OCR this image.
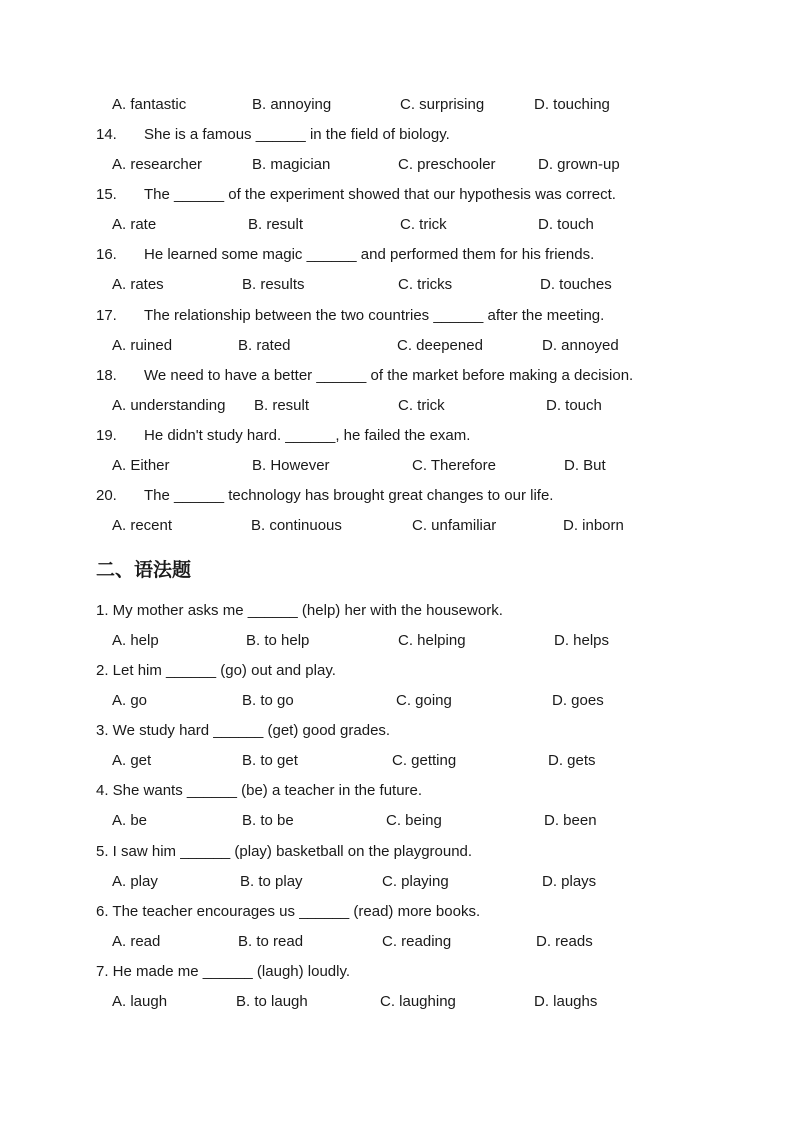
A. fantastic	B. annoying	C. surprising	D. touching
14.	She is a famous ______ in the field of biology.
A. researcher	B. magician	C. preschooler	D. grown-up
15.	The ______ of the experiment showed that our hypothesis was correct.
A. rate	B. result	C. trick	D. touch
16.	He learned some magic ______ and performed them for his friends.
A. rates	B. results	C. tricks	D. touches
17.	The relationship between the two countries ______ after the meeting.
A. ruined	B. rated	C. deepened	D. annoyed
18.	We need to have a better ______ of the market before making a decision.
A. understanding B. result	C. trick	D. touch
19.	He didn't study hard. ______, he failed the exam.
A. Either	B. However	C. Therefore	D. But
20.	The ______ technology has brought great changes to our life.
A. recent	B. continuous	C. unfamiliar	D. inborn
二、语法题
1. My mother asks me ______ (help) her with the housework.
A. help	B. to help	C. helping	D. helps
2. Let him ______ (go) out and play.
A. go	B. to go	C. going	D. goes
3. We study hard ______ (get) good grades.
A. get	B. to get	C. getting	D. gets
4. She wants ______ (be) a teacher in the future.
A. be	B. to be	C. being	D. been
5. I saw him ______ (play) basketball on the playground.
A. play	B. to play	C. playing	D. plays
6. The teacher encourages us ______ (read) more books.
A. read	B. to read	C. reading	D. reads
7. He made me ______ (laugh) loudly.
A. laugh	B. to laugh	C. laughing	D. laughs
